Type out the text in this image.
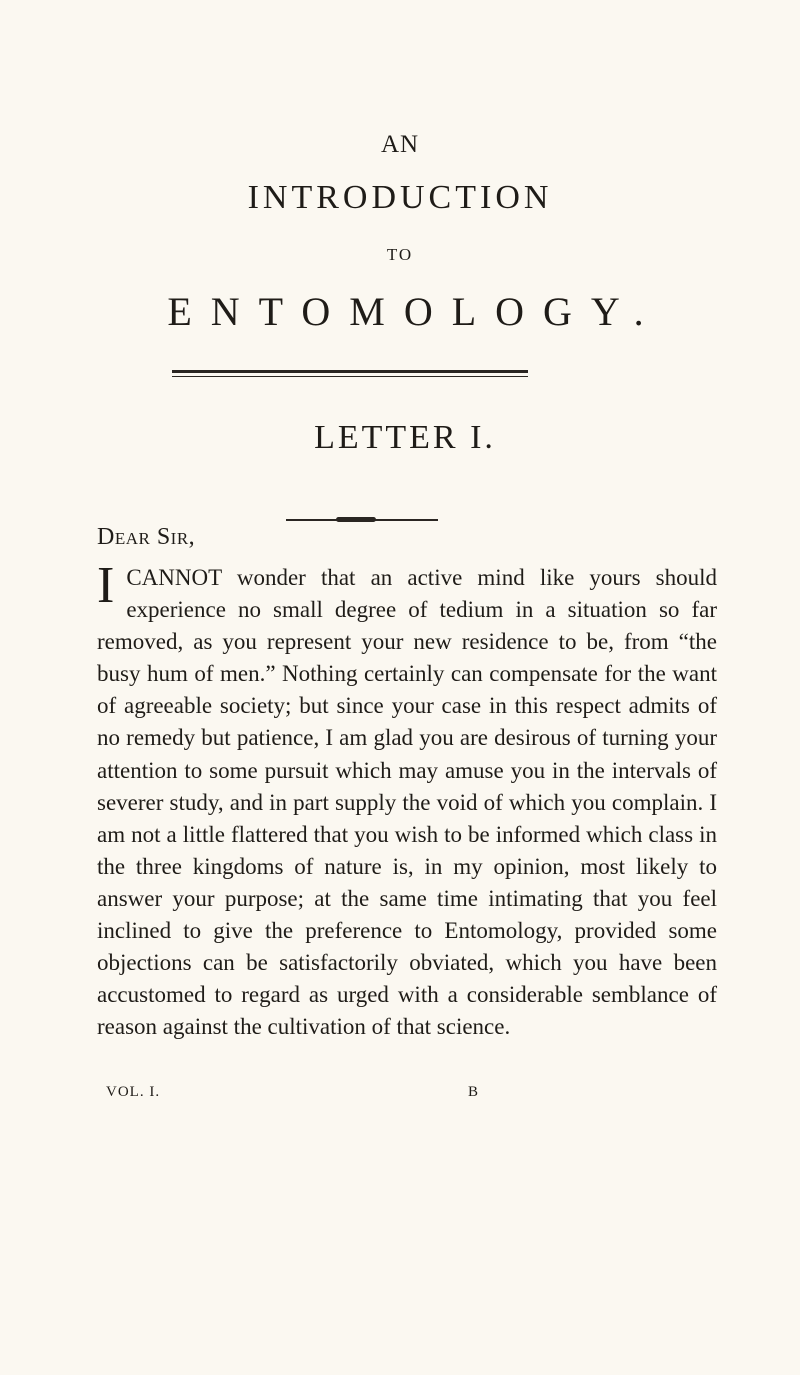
AN
INTRODUCTION
TO
ENTOMOLOGY.
LETTER I.
Dear Sir,
ICANNOT wonder that an active mind like yours should experience no small degree of tedium in a situation so far removed, as you represent your new residence to be, from “the busy hum of men.” Nothing certainly can compensate for the want of agreeable society; but since your case in this respect admits of no remedy but patience, I am glad you are desirous of turning your attention to some pursuit which may amuse you in the intervals of severer study, and in part supply the void of which you complain. I am not a little flattered that you wish to be informed which class in the three kingdoms of nature is, in my opinion, most likely to answer your purpose; at the same time intimating that you feel inclined to give the preference to Entomology, provided some objections can be satisfactorily obviated, which you have been accustomed to regard as urged with a considerable semblance of reason against the cultivation of that science.
VOL. I.	B
